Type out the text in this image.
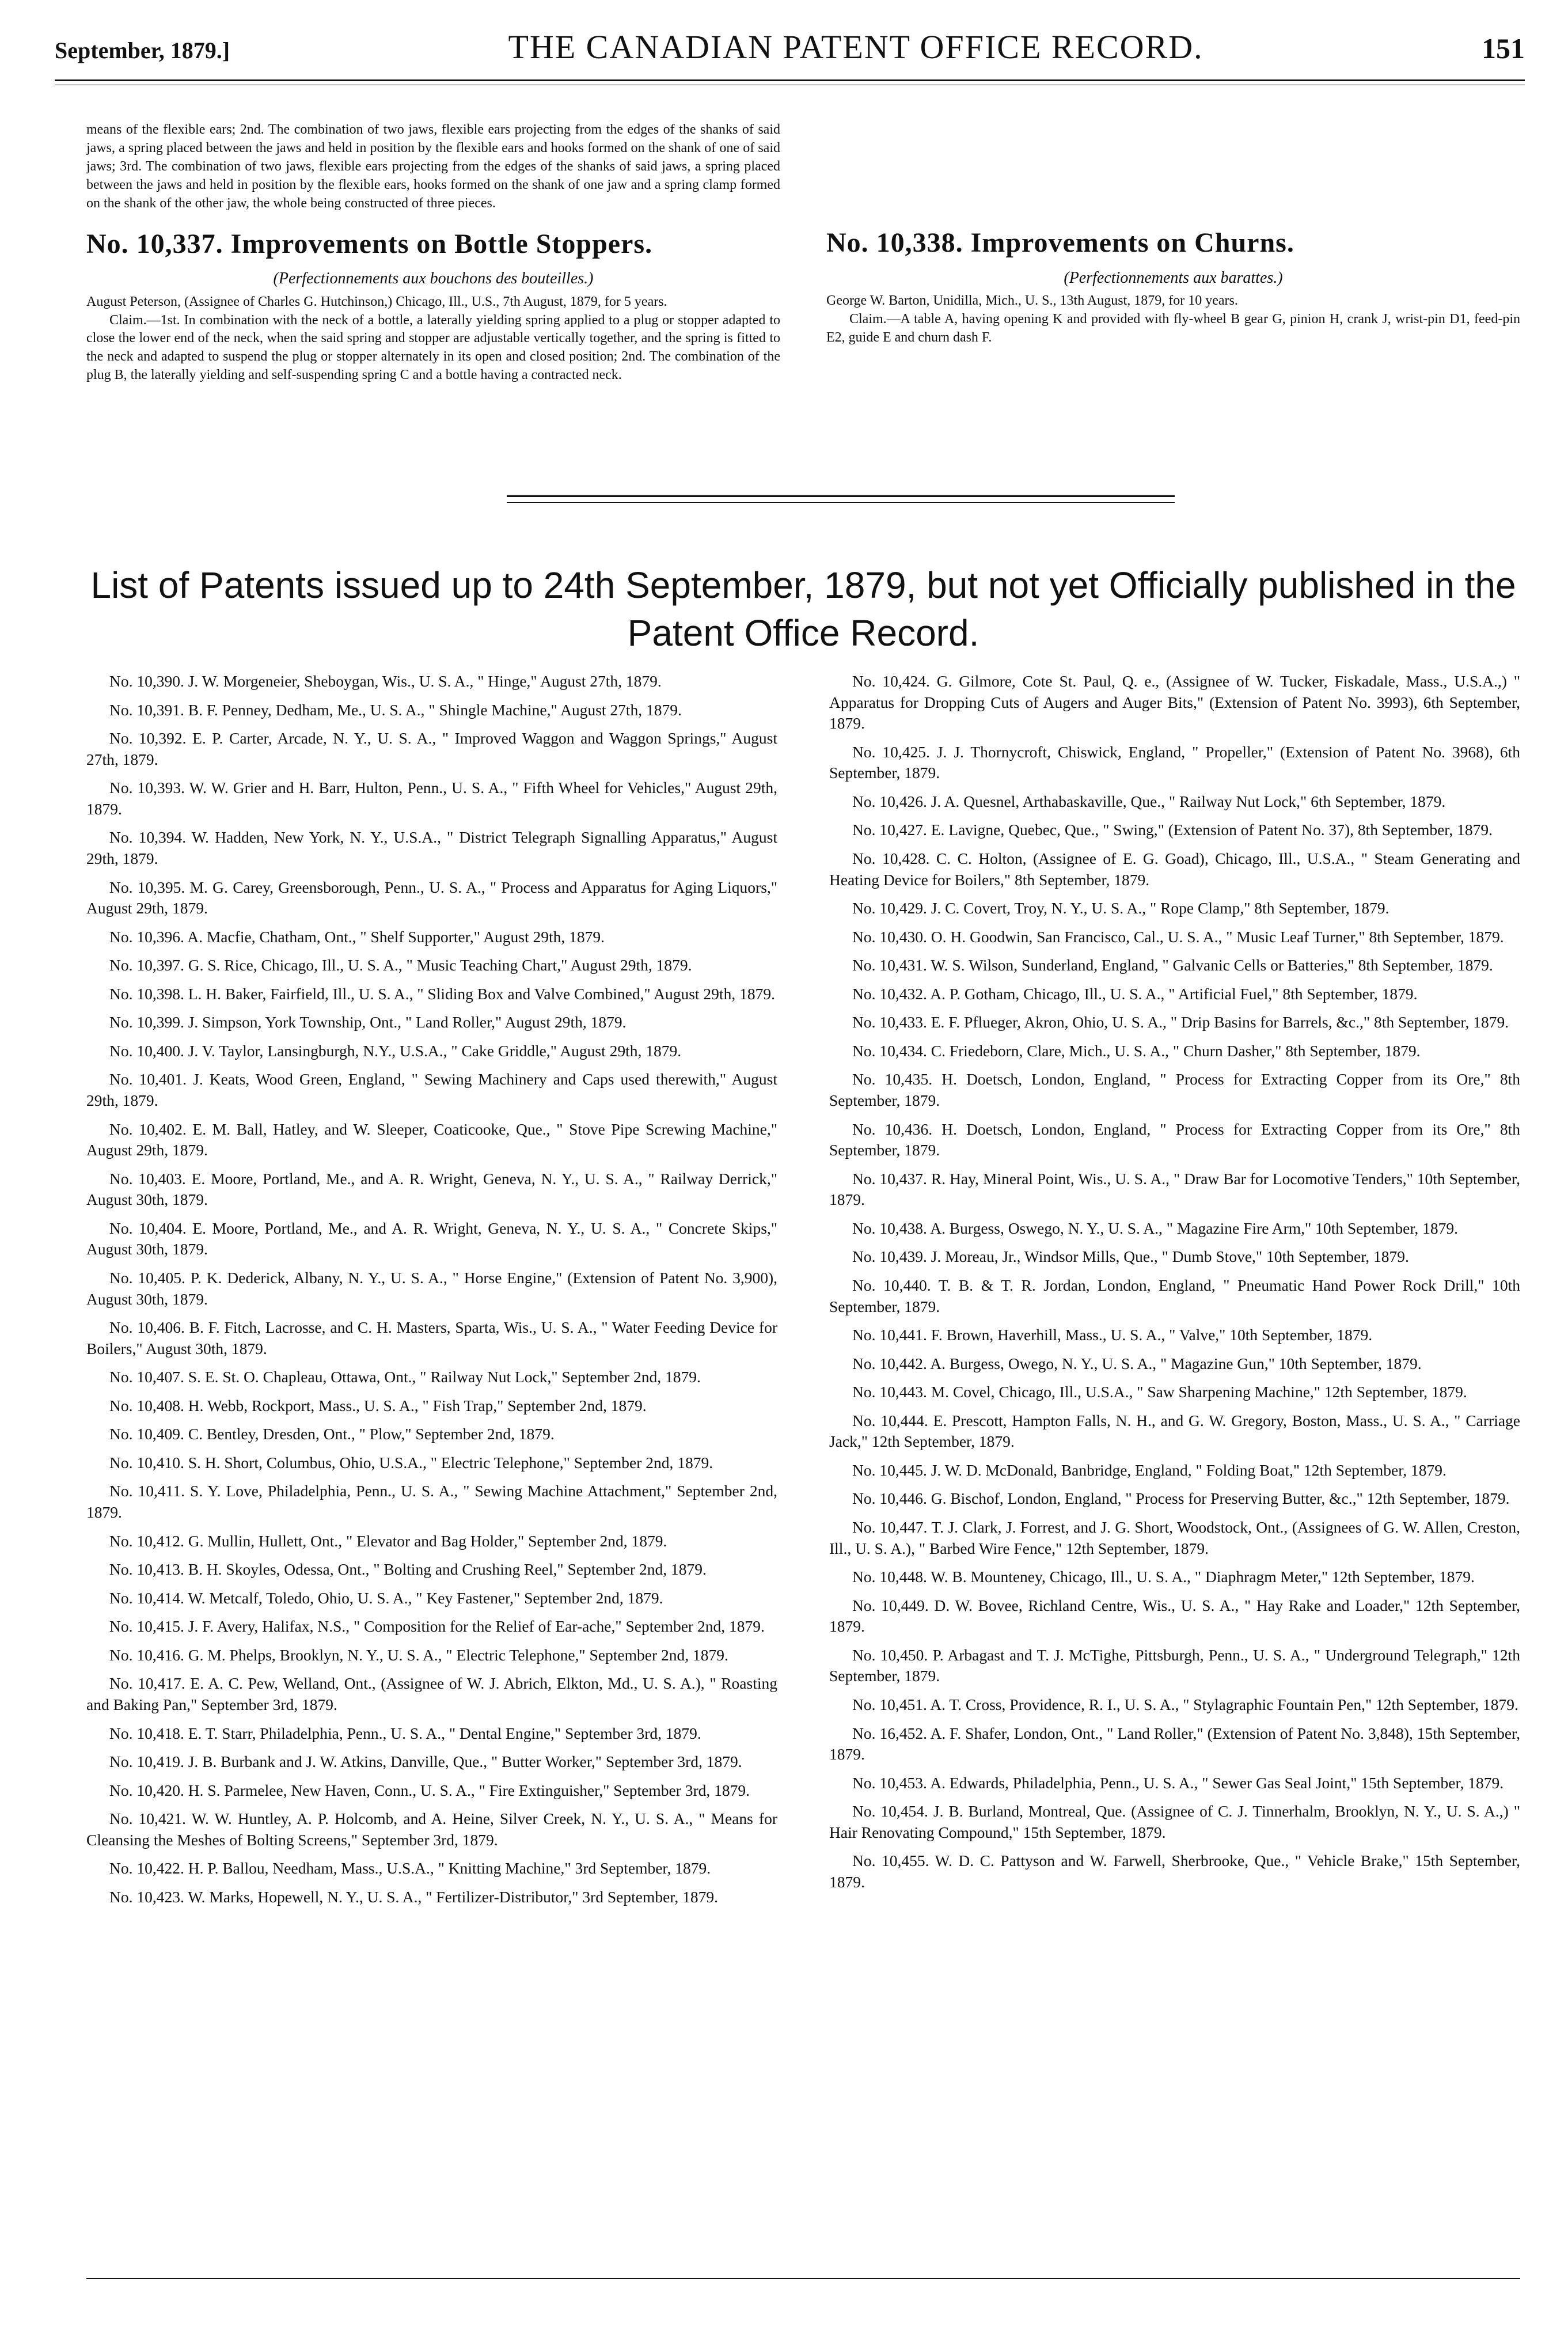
September, 1879.]	THE CANADIAN PATENT OFFICE RECORD.	151

means of the flexible ears; 2nd. The combination of two jaws, flexible ears projecting from the edges of the shanks of said jaws, a spring placed between the jaws and held in position by the flexible ears and hooks formed on the shank of one of said jaws; 3rd. The combination of two jaws, flexible ears projecting from the edges of the shanks of said jaws, a spring placed between the jaws and held in position by the flexible ears, hooks formed on the shank of one jaw and a spring clamp formed on the shank of the other jaw, the whole being constructed of three pieces.

No. 10,337. Improvements on Bottle Stoppers.
(Perfectionnements aux bouchons des bouteilles.)

August Peterson, (Assignee of Charles G. Hutchinson,) Chicago, Ill., U.S., 7th August, 1879, for 5 years.

Claim.—1st. In combination with the neck of a bottle, a laterally yielding spring applied to a plug or stopper adapted to close the lower end of the neck, when the said spring and stopper are adjustable vertically together, and the spring is fitted to the neck and adapted to suspend the plug or stopper alternately in its open and closed position; 2nd. The combination of the plug B, the laterally yielding and self-suspending spring C and a bottle having a contracted neck.

No. 10,338. Improvements on Churns.
(Perfectionnements aux barattes.)

George W. Barton, Unidilla, Mich., U. S., 13th August, 1879, for 10 years.

Claim.—A table A, having opening K and provided with fly-wheel B gear G, pinion H, crank J, wrist-pin D1, feed-pin E2, guide E and churn dash F.

List of Patents issued up to 24th September, 1879, but not yet Officially published in the Patent Office Record.

No. 10,390. J. W. Morgeneier, Sheboygan, Wis., U. S. A., " Hinge," August 27th, 1879.

No. 10,391. B. F. Penney, Dedham, Me., U. S. A., " Shingle Machine," August 27th, 1879.

No. 10,392. E. P. Carter, Arcade, N. Y., U. S. A., " Improved Waggon and Waggon Springs," August 27th, 1879.

No. 10,393. W. W. Grier and H. Barr, Hulton, Penn., U. S. A., " Fifth Wheel for Vehicles," August 29th, 1879.

No. 10,394. W. Hadden, New York, N. Y., U.S.A., " District Telegraph Signalling Apparatus," August 29th, 1879.

No. 10,395. M. G. Carey, Greensborough, Penn., U. S. A., " Process and Apparatus for Aging Liquors," August 29th, 1879.

No. 10,396. A. Macfie, Chatham, Ont., " Shelf Supporter," August 29th, 1879.

No. 10,397. G. S. Rice, Chicago, Ill., U. S. A., " Music Teaching Chart," August 29th, 1879.

No. 10,398. L. H. Baker, Fairfield, Ill., U. S. A., " Sliding Box and Valve Combined," August 29th, 1879.

No. 10,399. J. Simpson, York Township, Ont., " Land Roller," August 29th, 1879.

No. 10,400. J. V. Taylor, Lansingburgh, N.Y., U.S.A., " Cake Griddle," August 29th, 1879.

No. 10,401. J. Keats, Wood Green, England, " Sewing Machinery and Caps used therewith," August 29th, 1879.

No. 10,402. E. M. Ball, Hatley, and W. Sleeper, Coaticooke, Que., " Stove Pipe Screwing Machine," August 29th, 1879.

No. 10,403. E. Moore, Portland, Me., and A. R. Wright, Geneva, N. Y., U. S. A., " Railway Derrick," August 30th, 1879.

No. 10,404. E. Moore, Portland, Me., and A. R. Wright, Geneva, N. Y., U. S. A., " Concrete Skips," August 30th, 1879.

No. 10,405. P. K. Dederick, Albany, N. Y., U. S. A., " Horse Engine," (Extension of Patent No. 3,900), August 30th, 1879.

No. 10,406. B. F. Fitch, Lacrosse, and C. H. Masters, Sparta, Wis., U. S. A., " Water Feeding Device for Boilers," August 30th, 1879.

No. 10,407. S. E. St. O. Chapleau, Ottawa, Ont., " Railway Nut Lock," September 2nd, 1879.

No. 10,408. H. Webb, Rockport, Mass., U. S. A., " Fish Trap," September 2nd, 1879.

No. 10,409. C. Bentley, Dresden, Ont., " Plow," September 2nd, 1879.

No. 10,410. S. H. Short, Columbus, Ohio, U.S.A., " Electric Telephone," September 2nd, 1879.

No. 10,411. S. Y. Love, Philadelphia, Penn., U. S. A., " Sewing Machine Attachment," September 2nd, 1879.

No. 10,412. G. Mullin, Hullett, Ont., " Elevator and Bag Holder," September 2nd, 1879.

No. 10,413. B. H. Skoyles, Odessa, Ont., " Bolting and Crushing Reel," September 2nd, 1879.

No. 10,414. W. Metcalf, Toledo, Ohio, U. S. A., " Key Fastener," September 2nd, 1879.

No. 10,415. J. F. Avery, Halifax, N.S., " Composition for the Relief of Ear-ache," September 2nd, 1879.

No. 10,416. G. M. Phelps, Brooklyn, N. Y., U. S. A., " Electric Telephone," September 2nd, 1879.

No. 10,417. E. A. C. Pew, Welland, Ont., (Assignee of W. J. Abrich, Elkton, Md., U. S. A.), " Roasting and Baking Pan," September 3rd, 1879.

No. 10,418. E. T. Starr, Philadelphia, Penn., U. S. A., " Dental Engine," September 3rd, 1879.

No. 10,419. J. B. Burbank and J. W. Atkins, Danville, Que., " Butter Worker," September 3rd, 1879.

No. 10,420. H. S. Parmelee, New Haven, Conn., U. S. A., " Fire Extinguisher," September 3rd, 1879.

No. 10,421. W. W. Huntley, A. P. Holcomb, and A. Heine, Silver Creek, N. Y., U. S. A., " Means for Cleansing the Meshes of Bolting Screens," September 3rd, 1879.

No. 10,422. H. P. Ballou, Needham, Mass., U.S.A., " Knitting Machine," 3rd September, 1879.

No. 10,423. W. Marks, Hopewell, N. Y., U. S. A., " Fertilizer-Distributor," 3rd September, 1879.

No. 10,424. G. Gilmore, Cote St. Paul, Q. e., (Assignee of W. Tucker, Fiskadale, Mass., U.S.A.,) " Apparatus for Dropping Cuts of Augers and Auger Bits," (Extension of Patent No. 3993), 6th September, 1879.

No. 10,425. J. J. Thornycroft, Chiswick, England, " Propeller," (Extension of Patent No. 3968), 6th September, 1879.

No. 10,426. J. A. Quesnel, Arthabaskaville, Que., " Railway Nut Lock," 6th September, 1879.

No. 10,427. E. Lavigne, Quebec, Que., " Swing," (Extension of Patent No. 37), 8th September, 1879.

No. 10,428. C. C. Holton, (Assignee of E. G. Goad), Chicago, Ill., U.S.A., " Steam Generating and Heating Device for Boilers," 8th September, 1879.

No. 10,429. J. C. Covert, Troy, N. Y., U. S. A., " Rope Clamp," 8th September, 1879.

No. 10,430. O. H. Goodwin, San Francisco, Cal., U. S. A., " Music Leaf Turner," 8th September, 1879.

No. 10,431. W. S. Wilson, Sunderland, England, " Galvanic Cells or Batteries," 8th September, 1879.

No. 10,432. A. P. Gotham, Chicago, Ill., U. S. A., " Artificial Fuel," 8th September, 1879.

No. 10,433. E. F. Pflueger, Akron, Ohio, U. S. A., " Drip Basins for Barrels, &c.," 8th September, 1879.

No. 10,434. C. Friedeborn, Clare, Mich., U. S. A., " Churn Dasher," 8th September, 1879.

No. 10,435. H. Doetsch, London, England, " Process for Extracting Copper from its Ore," 8th September, 1879.

No. 10,436. H. Doetsch, London, England, " Process for Extracting Copper from its Ore," 8th September, 1879.

No. 10,437. R. Hay, Mineral Point, Wis., U. S. A., " Draw Bar for Locomotive Tenders," 10th September, 1879.

No. 10,438. A. Burgess, Oswego, N. Y., U. S. A., " Magazine Fire Arm," 10th September, 1879.

No. 10,439. J. Moreau, Jr., Windsor Mills, Que., " Dumb Stove," 10th September, 1879.

No. 10,440. T. B. & T. R. Jordan, London, England, " Pneumatic Hand Power Rock Drill," 10th September, 1879.

No. 10,441. F. Brown, Haverhill, Mass., U. S. A., " Valve," 10th September, 1879.

No. 10,442. A. Burgess, Owego, N. Y., U. S. A., " Magazine Gun," 10th September, 1879.

No. 10,443. M. Covel, Chicago, Ill., U.S.A., " Saw Sharpening Machine," 12th September, 1879.

No. 10,444. E. Prescott, Hampton Falls, N. H., and G. W. Gregory, Boston, Mass., U. S. A., " Carriage Jack," 12th September, 1879.

No. 10,445. J. W. D. McDonald, Banbridge, England, " Folding Boat," 12th September, 1879.

No. 10,446. G. Bischof, London, England, " Process for Preserving Butter, &c.," 12th September, 1879.

No. 10,447. T. J. Clark, J. Forrest, and J. G. Short, Woodstock, Ont., (Assignees of G. W. Allen, Creston, Ill., U. S. A.), " Barbed Wire Fence," 12th September, 1879.

No. 10,448. W. B. Mounteney, Chicago, Ill., U. S. A., " Diaphragm Meter," 12th September, 1879.

No. 10,449. D. W. Bovee, Richland Centre, Wis., U. S. A., " Hay Rake and Loader," 12th September, 1879.

No. 10,450. P. Arbagast and T. J. McTighe, Pittsburgh, Penn., U. S. A., " Underground Telegraph," 12th September, 1879.

No. 10,451. A. T. Cross, Providence, R. I., U. S. A., " Stylagraphic Fountain Pen," 12th September, 1879.

No. 16,452. A. F. Shafer, London, Ont., " Land Roller," (Extension of Patent No. 3,848), 15th September, 1879.

No. 10,453. A. Edwards, Philadelphia, Penn., U. S. A., " Sewer Gas Seal Joint," 15th September, 1879.

No. 10,454. J. B. Burland, Montreal, Que. (Assignee of C. J. Tinnerhalm, Brooklyn, N. Y., U. S. A.,) " Hair Renovating Compound," 15th September, 1879.

No. 10,455. W. D. C. Pattyson and W. Farwell, Sherbrooke, Que., " Vehicle Brake," 15th September, 1879.
